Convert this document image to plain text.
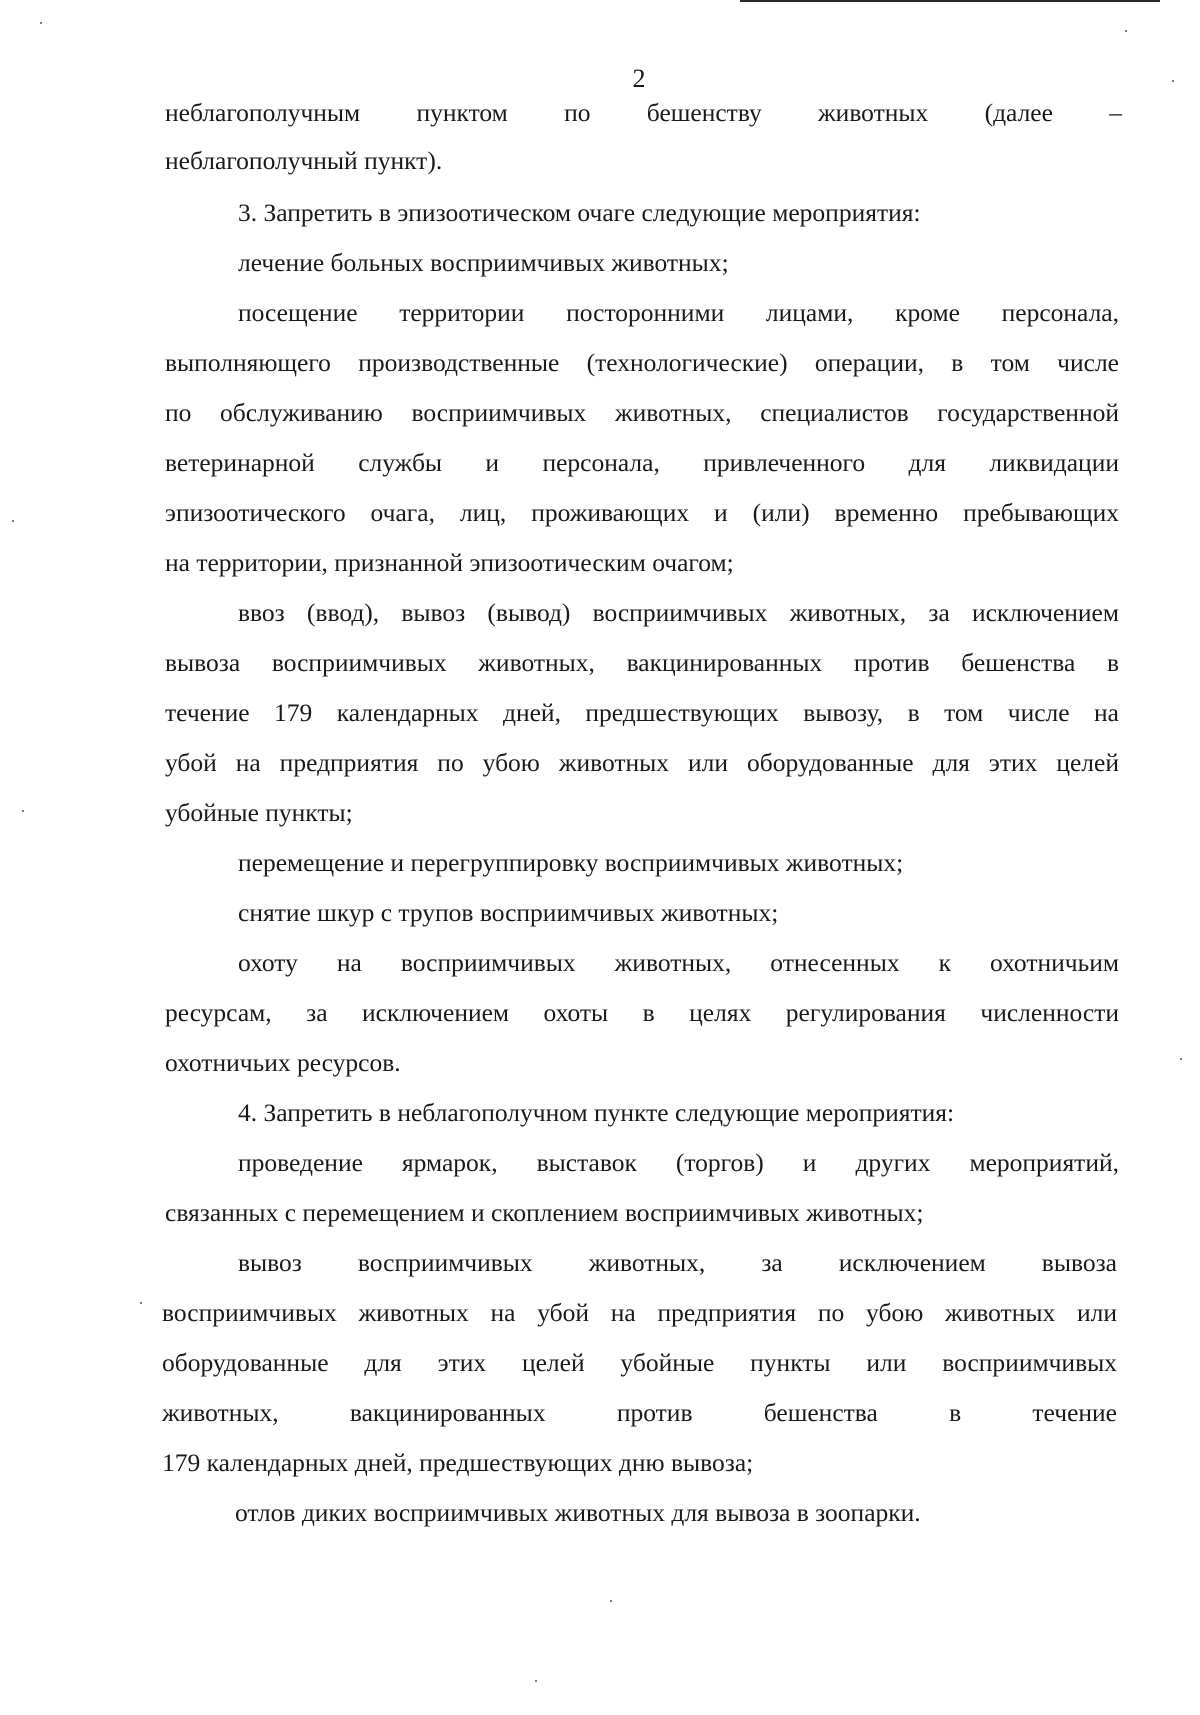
2
неблагополучным пунктом по бешенству животных (далее –
неблагополучный пункт).
3. Запретить в эпизоотическом очаге следующие мероприятия:
лечение больных восприимчивых животных;
посещение территории посторонними лицами, кроме персонала,
выполняющего производственные (технологические) операции, в том числе
по обслуживанию восприимчивых животных, специалистов государственной
ветеринарной службы и персонала, привлеченного для ликвидации
эпизоотического очага, лиц, проживающих и (или) временно пребывающих
на территории, признанной эпизоотическим очагом;
ввоз (ввод), вывоз (вывод) восприимчивых животных, за исключением
вывоза восприимчивых животных, вакцинированных против бешенства в
течение 179 календарных дней, предшествующих вывозу, в том числе на
убой на предприятия по убою животных или оборудованные для этих целей
убойные пункты;
перемещение и перегруппировку восприимчивых животных;
снятие шкур с трупов восприимчивых животных;
охоту на восприимчивых животных, отнесенных к охотничьим
ресурсам, за исключением охоты в целях регулирования численности
охотничьих ресурсов.
4. Запретить в неблагополучном пункте следующие мероприятия:
проведение ярмарок, выставок (торгов) и других мероприятий,
связанных с перемещением и скоплением восприимчивых животных;
вывоз восприимчивых животных, за исключением вывоза
восприимчивых животных на убой на предприятия по убою животных или
оборудованные для этих целей убойные пункты или восприимчивых
животных, вакцинированных против бешенства в течение
179 календарных дней, предшествующих дню вывоза;
отлов диких восприимчивых животных для вывоза в зоопарки.
